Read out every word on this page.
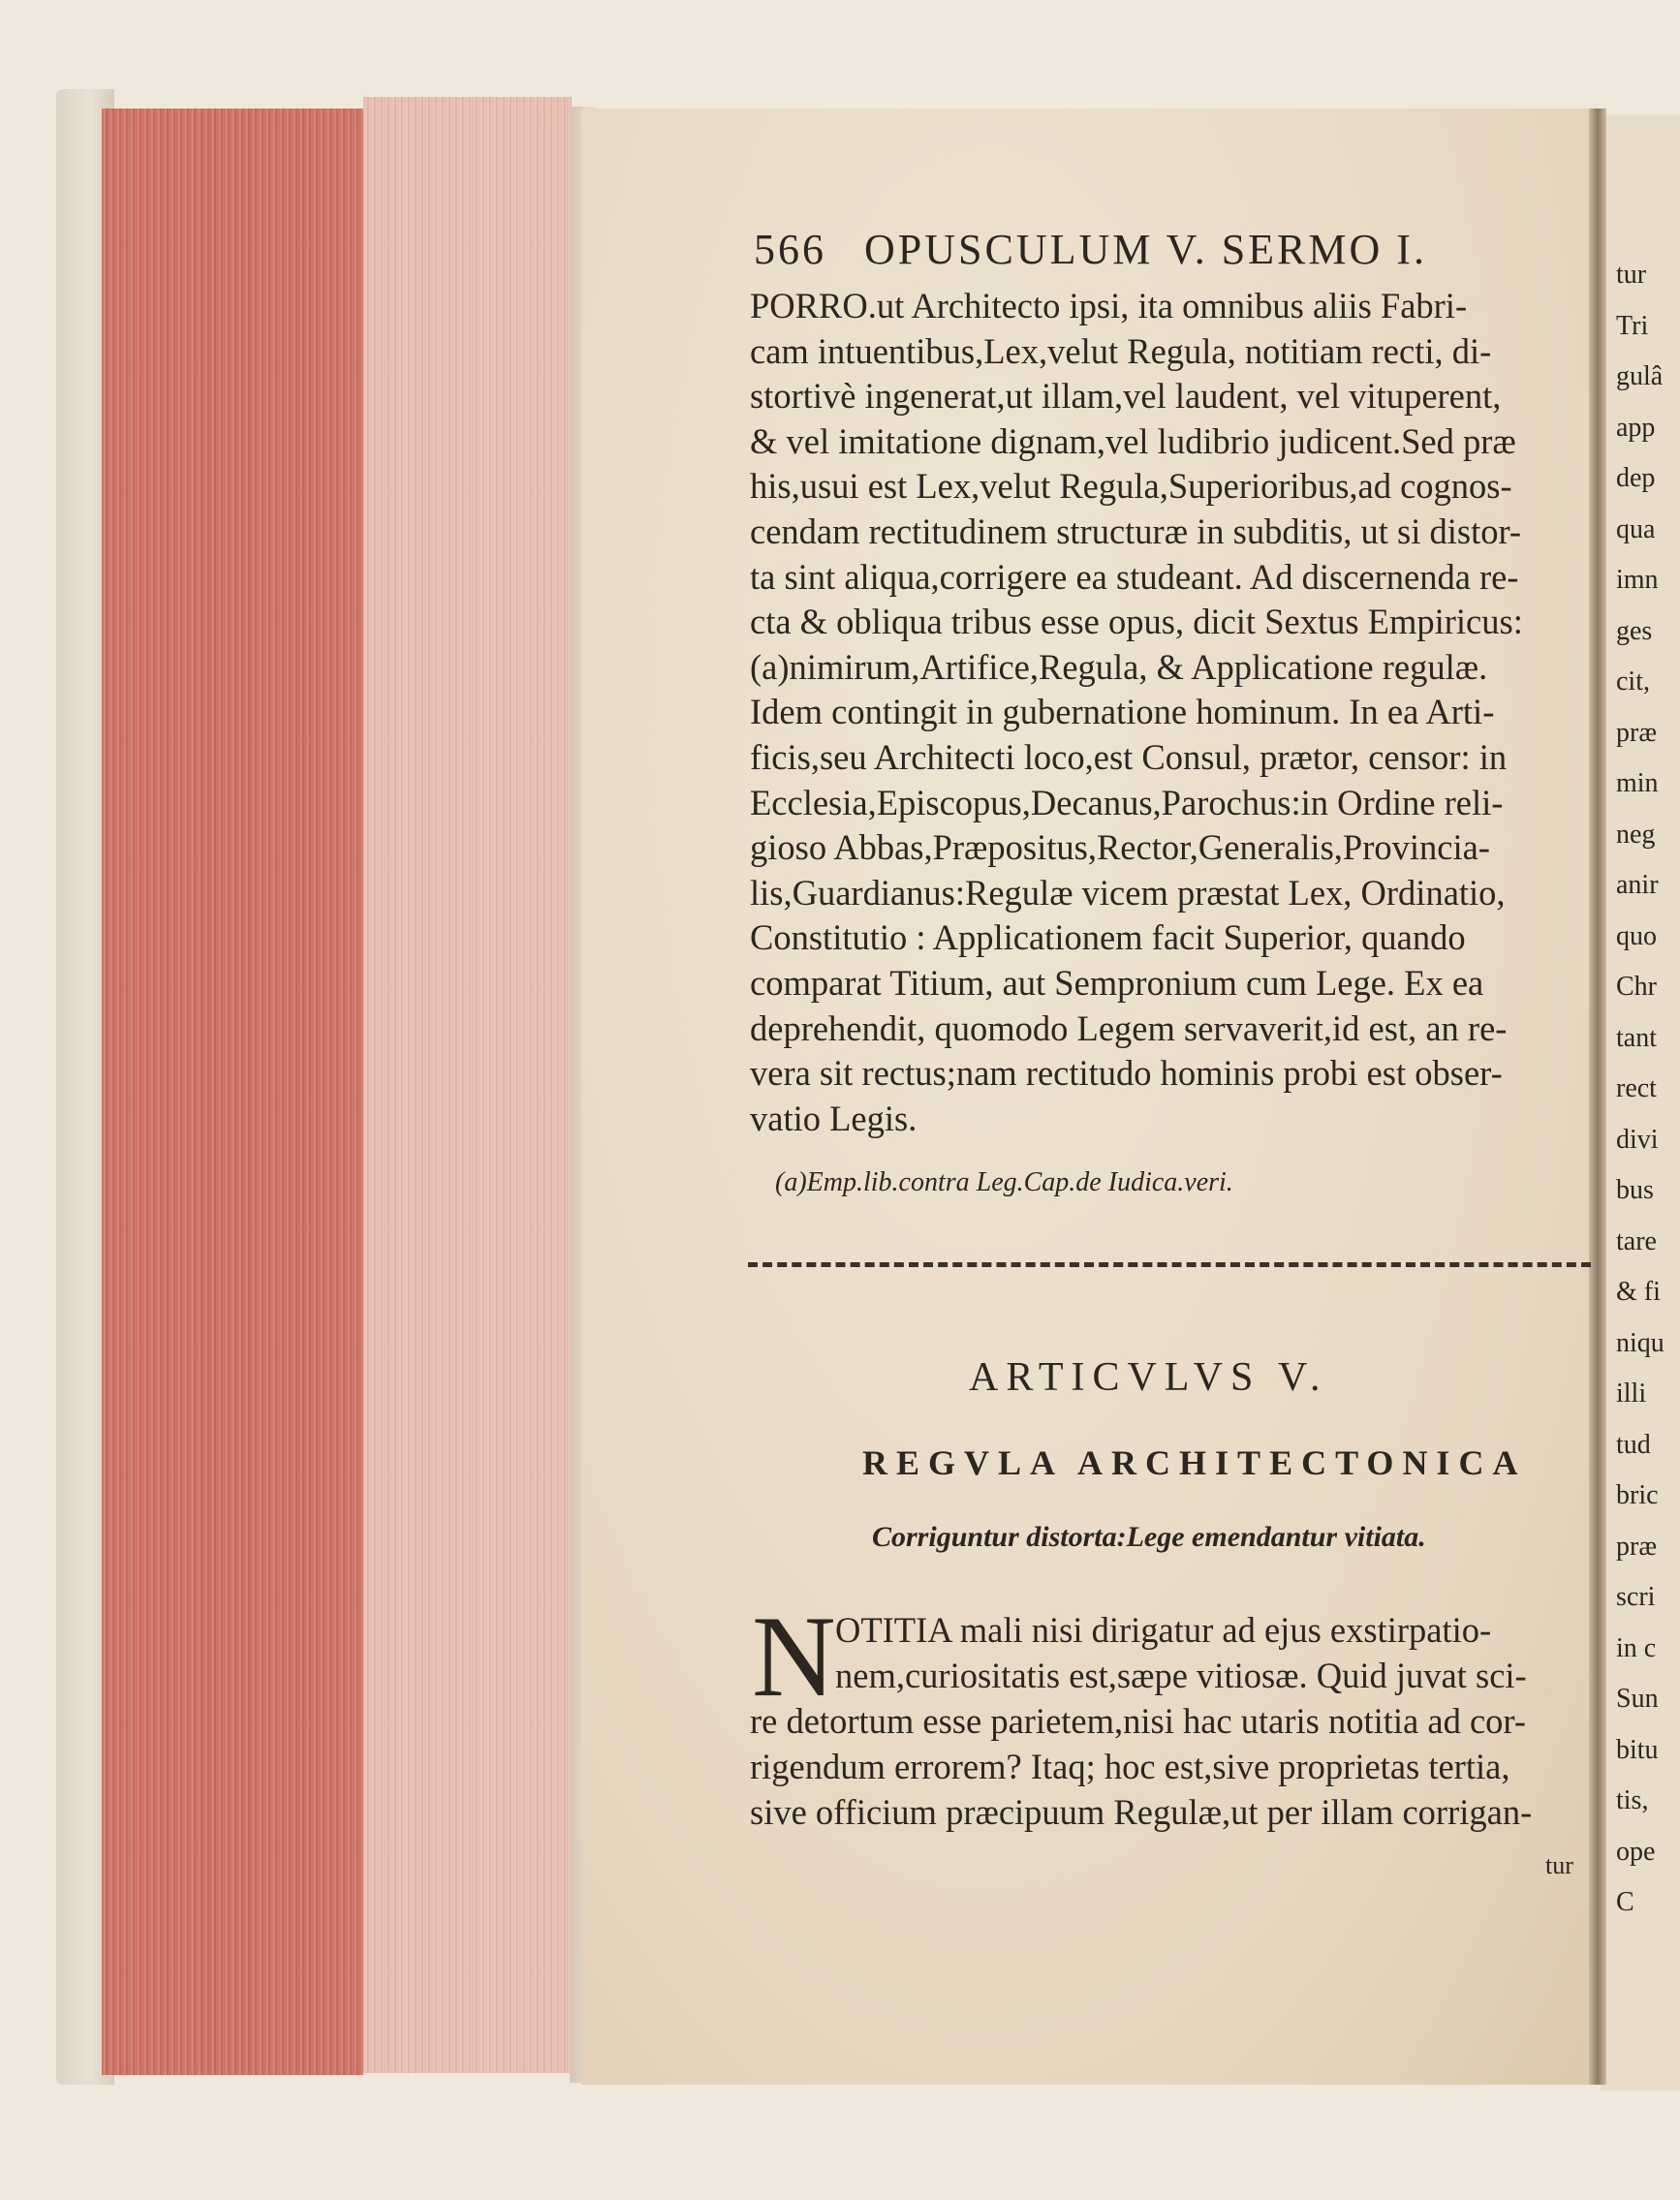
566 OPUSCULUM V. SERMO I.
PORRO.ut Architecto ipsi, ita omnibus aliis Fabri-
cam intuentibus,Lex,velut Regula, notitiam recti, di-
stortivè ingenerat,ut illam,vel laudent, vel vituperent,
& vel imitatione dignam,vel ludibrio judicent.Sed præ
his,usui est Lex,velut Regula,Superioribus,ad cognos-
cendam rectitudinem structuræ in subditis, ut si distor-
ta sint aliqua,corrigere ea studeant. Ad discernenda re-
cta & obliqua tribus esse opus, dicit Sextus Empiricus:
(a)nimirum,Artifice,Regula, & Applicatione regulæ.
Idem contingit in gubernatione hominum. In ea Arti-
ficis,seu Architecti loco,est Consul, prætor, censor: in
Ecclesia,Episcopus,Decanus,Parochus:in Ordine reli-
gioso Abbas,Præpositus,Rector,Generalis,Provincia-
lis,Guardianus:Regulæ vicem præstat Lex, Ordinatio,
Constitutio : Applicationem facit Superior, quando
comparat Titium, aut Sempronium cum Lege. Ex ea
deprehendit, quomodo Legem servaverit,id est, an re-
vera sit rectus;nam rectitudo hominis probi est obser-
vatio Legis.
(a)Emp.lib.contra Leg.Cap.de Iudica.veri.
ARTICVLVS V.
REGVLA ARCHITECTONICA
Corriguntur distorta:Lege emendantur vitiata.
N OTITIA mali nisi dirigatur ad ejus exstirpatio-
nem,curiositatis est,sæpe vitiosæ. Quid juvat sci-
re detortum esse parietem,nisi hac utaris notitia ad cor-
rigendum errorem? Itaq; hoc est,sive proprietas tertia,
sive officium præcipuum Regulæ,ut per illam corrigan-
tur
tur
Tri
gulâ
app
dep
qua
imn
ges
cit,
præ
min
neg
anir
quo
Chr
tant
rect
divi
bus
tare
& fi
niqu
illi
tud
bric
præ
scri
in c
Sun
bitu
tis,
ope
C
